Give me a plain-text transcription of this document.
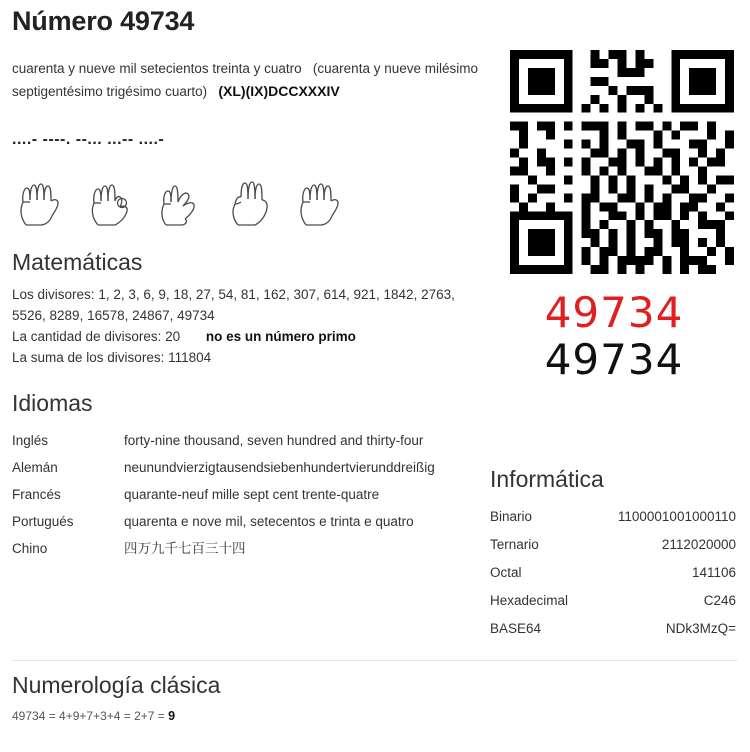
Número 49734
cuarenta y nueve mil setecientos treinta y cuatro (cuarenta y nueve milésimo septigentésimo trigésimo cuarto) (XL)(IX)DCCXXXIV
....- ----. --... ...-- ....-
Matemáticas
Los divisores: 1, 2, 3, 6, 9, 18, 27, 54, 81, 162, 307, 614, 921, 1842, 2763, 5526, 8289, 16578, 24867, 49734
La cantidad de divisores: 20 no es un número primo
La suma de los divisores: 111804
Idiomas
Inglés	forty-nine thousand, seven hundred and thirty-four
Alemán	neunundvierzigtausendsiebenhundertvierunddreißig
Francés	quarante-neuf mille sept cent trente-quatre
Portugués	quarenta e nove mil, setecentos e trinta e quatro
Chino	四万九千七百三十四
49734
49734
Informática
Binario	1100001001000110
Ternario	2112020000
Octal	141106
Hexadecimal	C246
BASE64	NDk3MzQ=
Numerología clásica
49734 = 4+9+7+3+4 = 2+7 = 9
